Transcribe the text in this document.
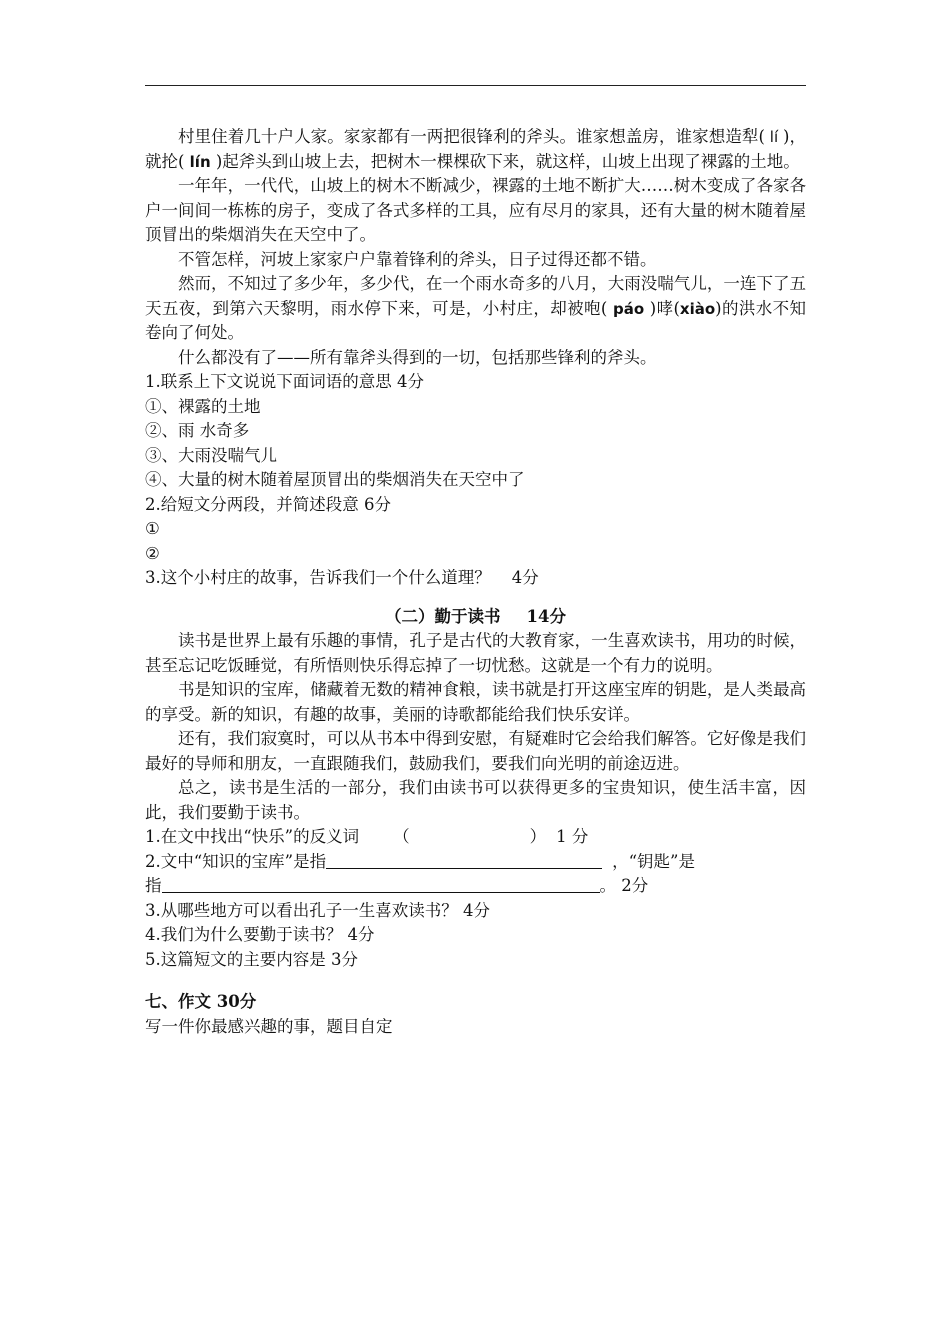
村里住着几十户人家。家家都有一两把很锋利的斧头。谁家想盖房，谁家想造犁( lí )，就抡( lín )起斧头到山坡上去，把树木一棵棵砍下来，就这样，山坡上出现了裸露的土地。

一年年，一代代，山坡上的树木不断减少，裸露的土地不断扩大……树木变成了各家各户一间间一栋栋的房子，变成了各式多样的工具，应有尽月的家具，还有大量的树木随着屋顶冒出的柴烟消失在天空中了。

不管怎样，河坡上家家户户靠着锋利的斧头，日子过得还都不错。

然而，不知过了多少年，多少代，在一个雨水奇多的八月，大雨没喘气儿，一连下了五天五夜，到第六天黎明，雨水停下来，可是，小村庄，却被咆( páo )哮(xiào)的洪水不知卷向了何处。

什么都没有了——所有靠斧头得到的一切，包括那些锋利的斧头。

1.联系上下文说说下面词语的意思 4分

①、裸露的土地

②、雨 水奇多

③、大雨没喘气儿

④、大量的树木随着屋顶冒出的柴烟消失在天空中了

2.给短文分两段，并简述段意 6分

①

②

3.这个小村庄的故事，告诉我们一个什么道理？    4分

（二）勤于读书 14分

读书是世界上最有乐趣的事情，孔子是古代的大教育家，一生喜欢读书，用功的时候，甚至忘记吃饭睡觉，有所悟则快乐得忘掉了一切忧愁。这就是一个有力的说明。

书是知识的宝库，储藏着无数的精神食粮，读书就是打开这座宝库的钥匙，是人类最高的享受。新的知识，有趣的故事，美丽的诗歌都能给我们快乐安详。

还有，我们寂寞时，可以从书本中得到安慰，有疑难时它会给我们解答。它好像是我们最好的导师和朋友，一直跟随我们，鼓励我们，要我们向光明的前途迈进。

总之，读书是生活的一部分，我们由读书可以获得更多的宝贵知识，使生活丰富，因此，我们要勤于读书。

1.在文中找出“快乐”的反义词 （	） 1 分

2.文中“知识的宝库”是指	，“钥匙”是

指	。 2分

3.从哪些地方可以看出孔子一生喜欢读书？ 4分

4.我们为什么要勤于读书？ 4分

5.这篇短文的主要内容是 3分

七、作文 30分

写一件你最感兴趣的事，题目自定
